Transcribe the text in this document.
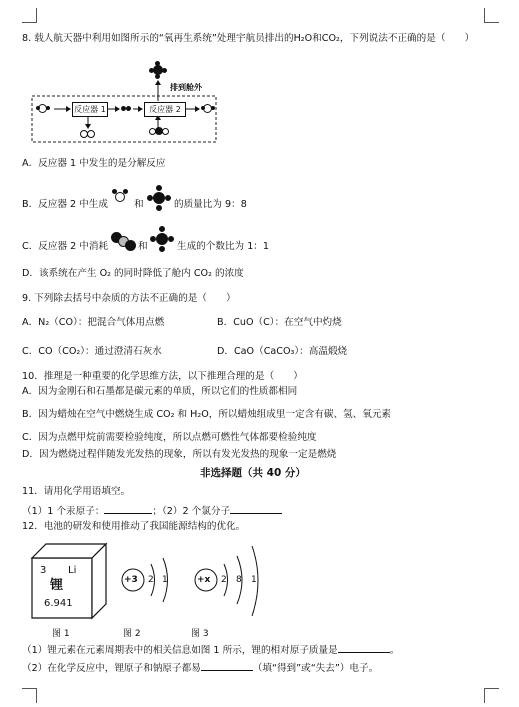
8. 载人航天器中利用如图所示的“氧再生系统”处理宇航员排出的H₂O和CO₂，下列说法不正确的是（　　）
排到舱外
反应器 1	反应器 2
A．反应器 1 中发生的是分解反应
B．反应器 2 中生成	和	的质量比为 9：8
C．反应器 2 中消耗	和	生成的个数比为 1：1
D．该系统在产生 O₂ 的同时降低了舱内 CO₂ 的浓度
9. 下列除去括号中杂质的方法不正确的是（　　）
A．N₂（CO）：把混合气体用点燃	B．CuO（C）：在空气中灼烧
C．CO（CO₂）：通过澄清石灰水	D．CaO（CaCO₃）：高温煅烧
10．推理是一种重要的化学思维方法，以下推理合理的是（　　）
A．因为金刚石和石墨都是碳元素的单质，所以它们的性质都相同
B．因为蜡烛在空气中燃烧生成 CO₂ 和 H₂O，所以蜡烛组成里一定含有碳、氢、氧元素
C．因为点燃甲烷前需要检验纯度，所以点燃可燃性气体都要检验纯度
D．因为燃烧过程伴随发光发热的现象，所以有发光发热的现象一定是燃烧
非选择题（共 40 分）
11．请用化学用语填空。
（1）1 个汞原子：	；（2）2 个氯分子
12．电池的研发和使用推动了我国能源结构的优化。
3 Li
锂
6.941
+3 2 1	+x 2 8 1
图 1	图 2	图 3
（1）锂元素在元素周期表中的相关信息如图 1 所示，锂的相对原子质量是	。
（2）在化学反应中，锂原子和钠原子都易	（填“得到”或“失去”）电子。
